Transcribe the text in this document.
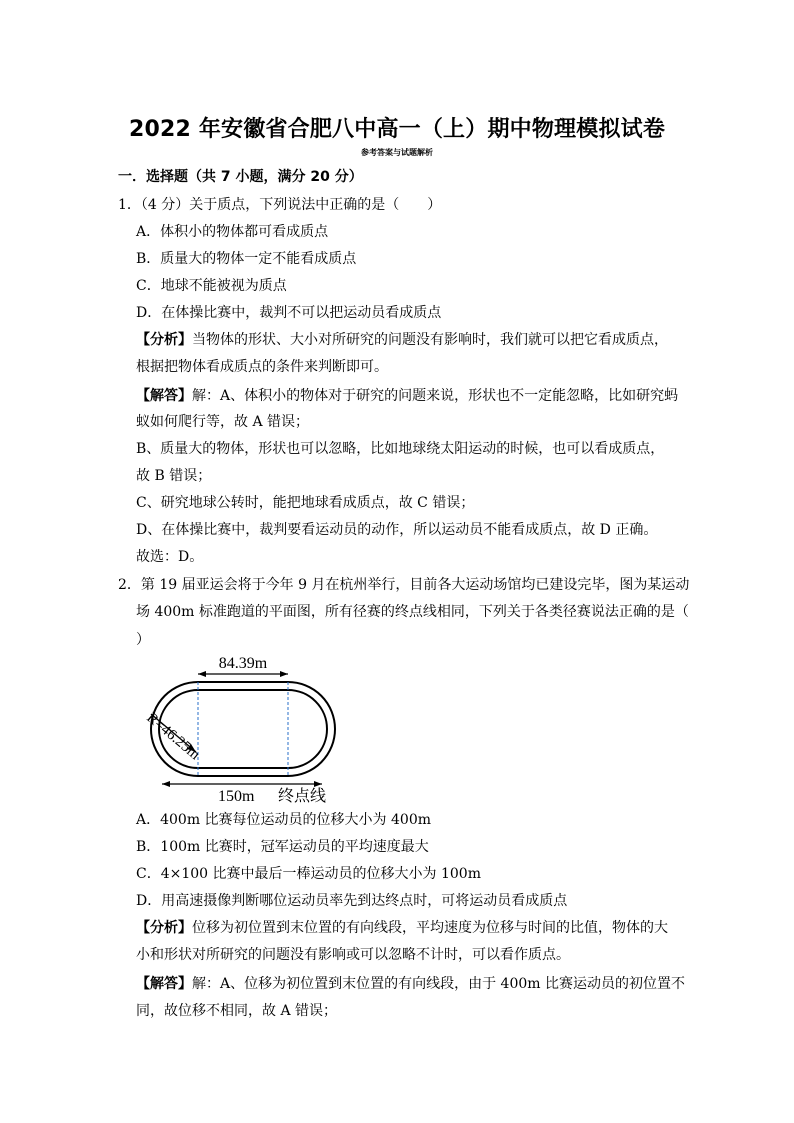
2022 年安徽省合肥八中高一（上）期中物理模拟试卷
参考答案与试题解析
一．选择题（共 7 小题，满分 20 分）
1．（4 分）关于质点，下列说法中正确的是（　　）
A．体积小的物体都可看成质点
B．质量大的物体一定不能看成质点
C．地球不能被视为质点
D．在体操比赛中，裁判不可以把运动员看成质点
【分析】当物体的形状、大小对所研究的问题没有影响时，我们就可以把它看成质点，
根据把物体看成质点的条件来判断即可。
【解答】解：A、体积小的物体对于研究的问题来说，形状也不一定能忽略，比如研究蚂
蚁如何爬行等，故 A 错误；
B、质量大的物体，形状也可以忽略，比如地球绕太阳运动的时候，也可以看成质点，
故 B 错误；
C、研究地球公转时，能把地球看成质点，故 C 错误；
D、在体操比赛中，裁判要看运动员的动作，所以运动员不能看成质点，故 D 正确。
故选：D。
2．第 19 届亚运会将于今年 9 月在杭州举行，目前各大运动场馆均已建设完毕，图为某运动
场 400m 标准跑道的平面图，所有径赛的终点线相同，下列关于各类径赛说法正确的是（
）
84.39m
R=46.25m
150m 终点线
A．400m 比赛每位运动员的位移大小为 400m
B．100m 比赛时，冠军运动员的平均速度最大
C．4×100 比赛中最后一棒运动员的位移大小为 100m
D．用高速摄像判断哪位运动员率先到达终点时，可将运动员看成质点
【分析】位移为初位置到末位置的有向线段，平均速度为位移与时间的比值，物体的大
小和形状对所研究的问题没有影响或可以忽略不计时，可以看作质点。
【解答】解：A、位移为初位置到末位置的有向线段，由于 400m 比赛运动员的初位置不
同，故位移不相同，故 A 错误；
